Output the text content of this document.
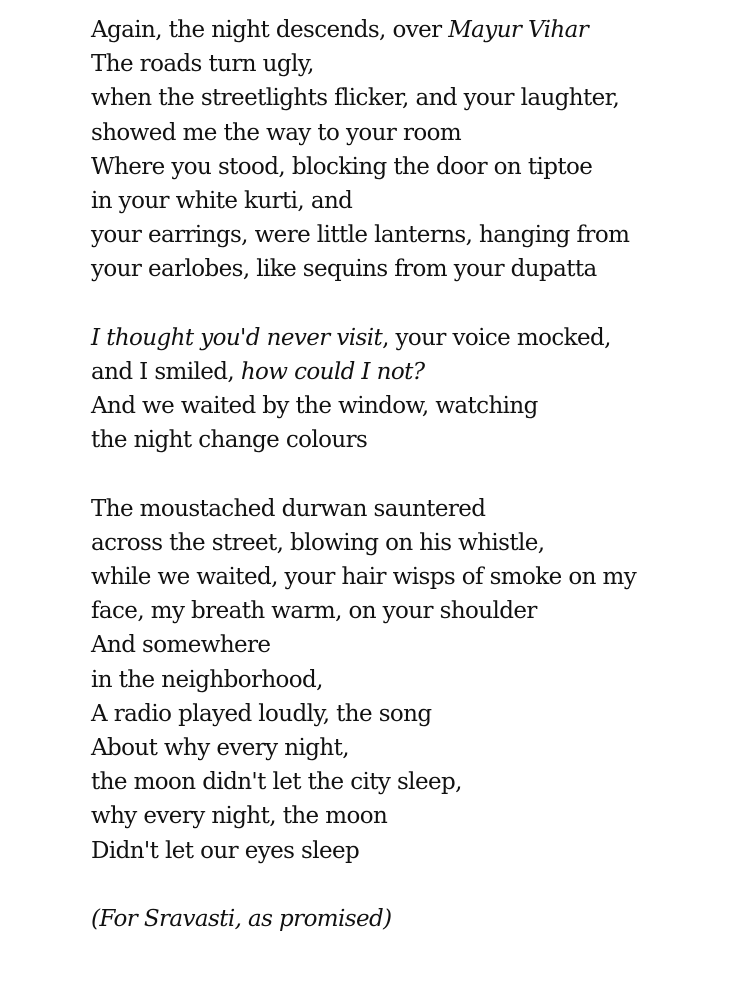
Again, the night descends, over Mayur Vihar
The roads turn ugly,
when the streetlights flicker, and your laughter,
showed me the way to your room
Where you stood, blocking the door on tiptoe
in your white kurti, and
your earrings, were little lanterns, hanging from
your earlobes, like sequins from your dupatta
I thought you'd never visit, your voice mocked,
and I smiled, how could I not?
And we waited by the window, watching
the night change colours
The moustached durwan sauntered
across the street, blowing on his whistle,
while we waited, your hair wisps of smoke on my
face, my breath warm, on your shoulder
And somewhere
in the neighborhood,
A radio played loudly, the song
About why every night,
the moon didn't let the city sleep,
why every night, the moon
Didn't let our eyes sleep
(For Sravasti, as promised)
